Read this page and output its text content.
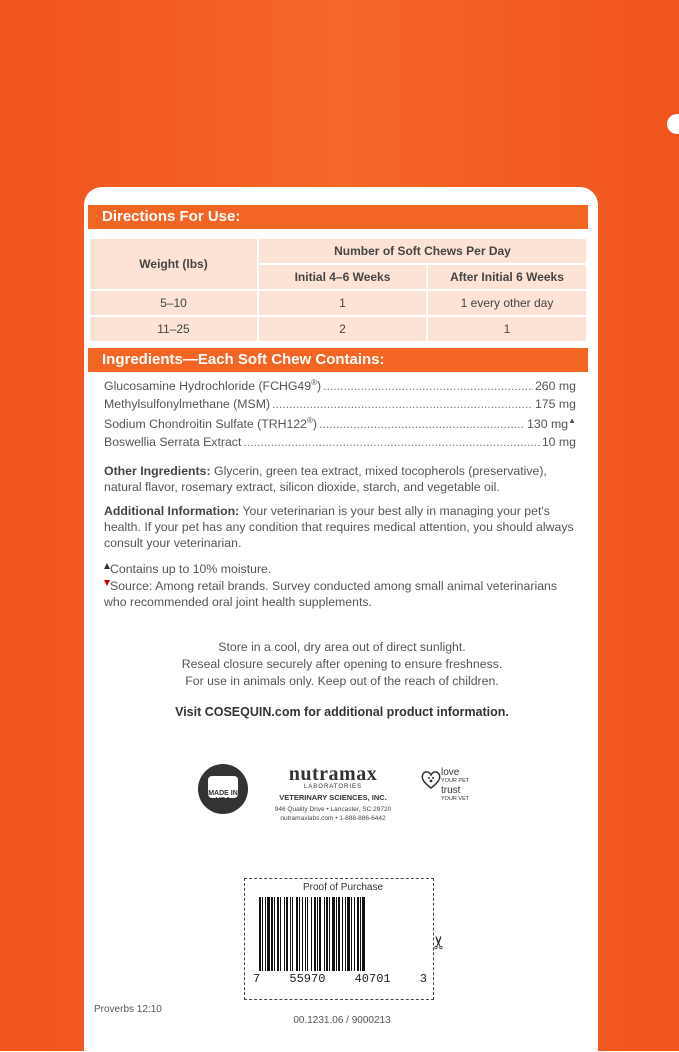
Directions For Use:
Weight (lbs)	Number of Soft Chews Per Day	
	Initial 4–6 Weeks	After Initial 6 Weeks
5–10	1	1 every other day
11–25	2	1
Ingredients—Each Soft Chew Contains:
Glucosamine Hydrochloride (FCHG49®) .....	260 mg
Methylsulfonylmethane (MSM) .....	175 mg
Sodium Chondroitin Sulfate (TRH122®) .....	130 mg▲
Boswellia Serrata Extract .....	10 mg
Other Ingredients: Glycerin, green tea extract, mixed tocopherols (preservative), natural flavor, rosemary extract, silicon dioxide, starch, and vegetable oil.
Additional Information: Your veterinarian is your best ally in managing your pet's health. If your pet has any condition that requires medical attention, you should always consult your veterinarian.
Contains up to 10% moisture.
Source: Among retail brands. Survey conducted among small animal veterinarians who recommended oral joint health supplements.
Store in a cool, dry area out of direct sunlight.
Reseal closure securely after opening to ensure freshness.
For use in animals only. Keep out of the reach of children.
Visit COSEQUIN.com for additional product information.
MADE IN USA
nutramax
LABORATORIES
VETERINARY SCIENCES, INC.
946 Quality Drive • Lancaster, SC 29720
nutramaxlabs.com • 1-888-886-6442
love
YOUR PET
trust
YOUR VET
Proof of Purchase
7 55970 40701 3
✂
Proverbs 12:10
00.1231.06 / 9000213
